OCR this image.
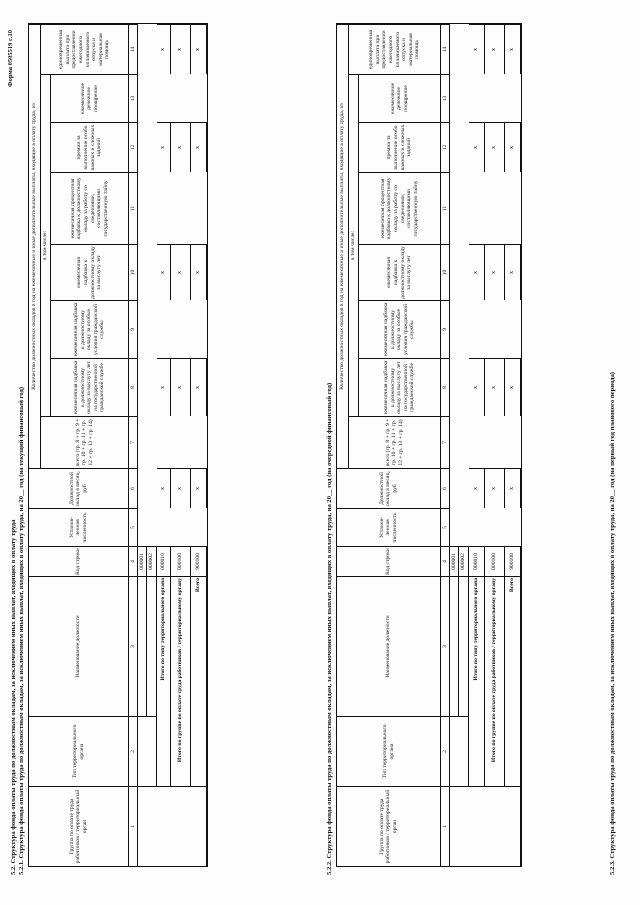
Форма 0505519 с.10
5.2. Структура фонда оплаты труда по должностным окладам, за исключением иных выплат, входящих в оплату труда 5.2.1. Структура фонда оплаты труда по должностным окладам, за исключением иных выплат, входящих в оплату труда, на 20__ год (на текущий финансовый год)	Группа по оплате труда работников / территориальный орган
Тип территориального органа
Наименование должности
Код строки
Установ-ленная численность
Должностной оклад в месяц, руб
Количество должностных окладов в год на ежемесячные и иные дополнительные выплаты, входящие в оплату труда, из
всего (гр. 8 + гр. 9 + гр. 10 + гр. 11 + гр. 12 + гр. 13 + гр. 14)
в том числе:
единовременная выплата при предоставлении ежегодного оплачиваемого отпуска и материальная помощь
ежемесячная надбавка к должностному окладу за выслугу лет на государственной гражданской службе
ежемесячная надбавка к должностному окладу за особые условия гражданской службы
ежемесячная надбавка к должностному окладу за выслугу лет
ежемесячная процентная надбавка к должностному окладу за работу со сведениями, составляющими государственную тайну
премии за выполнение особо важных и сложных заданий
ежемесячное денежное поощрение
1
2
3
4
5
6
7
8
9
10
11
12
13
14
000001 000002
Итого по типу территориального органа
000010
Итого по группе по оплате труда работников / территориальному органу
000100
Всего
900100
x
x
x
x
x
x
x
x
x
x
x
x
x
x
x
5.2.2. Структура фонда оплаты труда по должностным окладам, за исключением иных выплат, входящих в оплату труда, на 20__ год (на очередной финансовый год)	Группа по оплате труда работников / территориальный орган
Тип территориального органа
Наименование должности
Код строки
Установ-ленная численность
Должностной оклад в месяц, руб
Количество должностных окладов в год на ежемесячные и иные дополнительные выплаты, входящие в оплату труда, из
всего (гр. 8 + гр. 9 + гр. 10 + гр. 11 + гр. 12 + гр. 13 + гр. 14)
в том числе:
единовременная выплата при предоставлении ежегодного оплачиваемого отпуска и материальная помощь
ежемесячная надбавка к должностному окладу за выслугу лет на государственной гражданской службе
ежемесячная надбавка к должностному окладу за особые условия гражданской службы
ежемесячная надбавка к должностному окладу за выслугу лет
ежемесячная процентная надбавка к должностному окладу за работу со сведениями, составляющими государственную тайну
премии за выполнение особо важных и сложных заданий
ежемесячное денежное поощрение
1
2
3
4
5
6
7
8
9
10
11
12
13
14
000001 000002
Итого по типу территориального органа
000010
Итого по группе по оплате труда работников / территориальному органу
000100
Всего
900100
x
x
x
x
x
x
x
x
x
x
x
x
x
x
x
5.2.3. Структура фонда оплаты труда по должностным окладам, за исключением иных выплат, входящих в оплату труда, на 20__ год (на первый год планового периода)
